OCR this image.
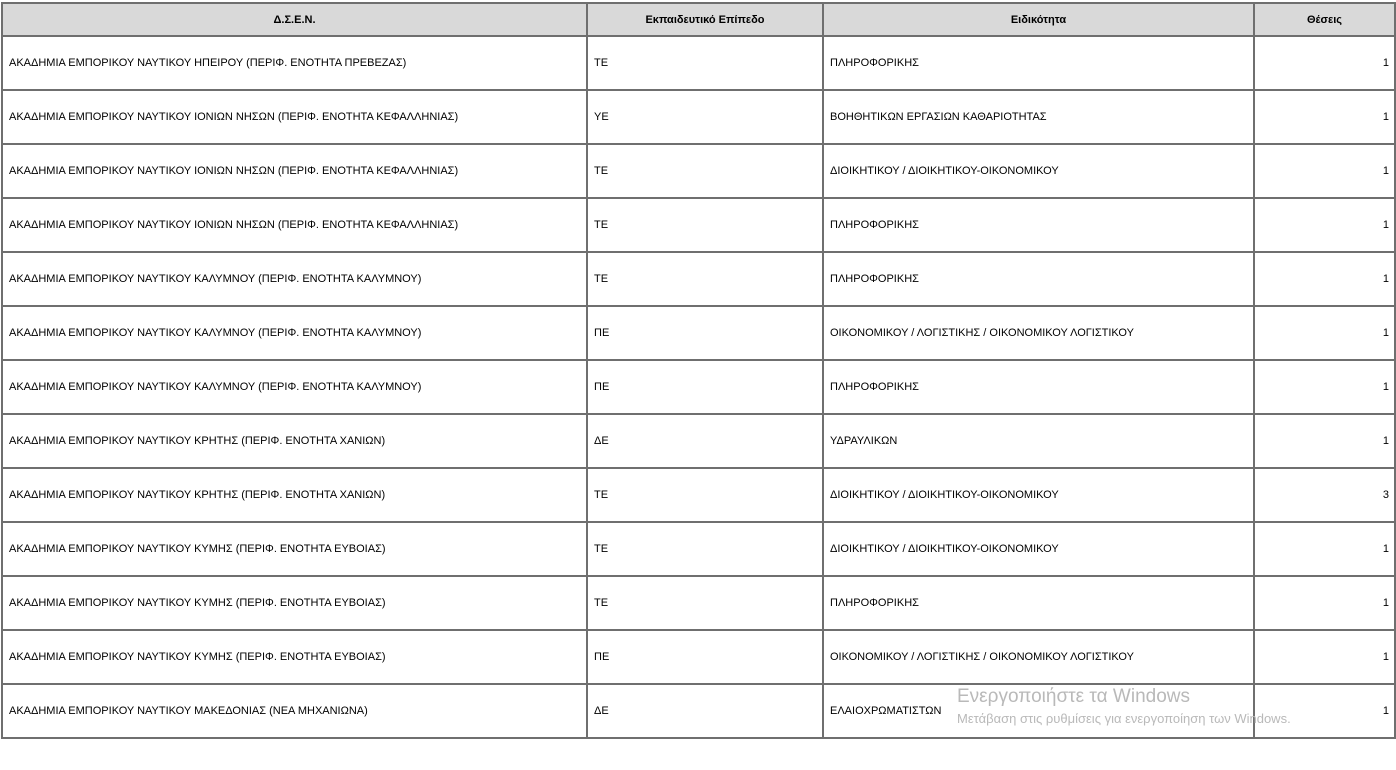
Δ.Σ.Ε.Ν.	Εκπαιδευτικό Επίπεδο	Ειδικότητα	Θέσεις
ΑΚΑΔΗΜΙΑ ΕΜΠΟΡΙΚΟΥ ΝΑΥΤΙΚΟΥ ΗΠΕΙΡΟΥ (ΠΕΡΙΦ. ΕΝΟΤΗΤΑ ΠΡΕΒΕΖΑΣ)	ΤΕ	ΠΛΗΡΟΦΟΡΙΚΗΣ	1
ΑΚΑΔΗΜΙΑ ΕΜΠΟΡΙΚΟΥ ΝΑΥΤΙΚΟΥ ΙΟΝΙΩΝ ΝΗΣΩΝ (ΠΕΡΙΦ. ΕΝΟΤΗΤΑ ΚΕΦΑΛΛΗΝΙΑΣ)	ΥΕ	ΒΟΗΘΗΤΙΚΩΝ ΕΡΓΑΣΙΩΝ ΚΑΘΑΡΙΟΤΗΤΑΣ	1
ΑΚΑΔΗΜΙΑ ΕΜΠΟΡΙΚΟΥ ΝΑΥΤΙΚΟΥ ΙΟΝΙΩΝ ΝΗΣΩΝ (ΠΕΡΙΦ. ΕΝΟΤΗΤΑ ΚΕΦΑΛΛΗΝΙΑΣ)	ΤΕ	ΔΙΟΙΚΗΤΙΚΟΥ / ΔΙΟΙΚΗΤΙΚΟΥ-ΟΙΚΟΝΟΜΙΚΟΥ	1
ΑΚΑΔΗΜΙΑ ΕΜΠΟΡΙΚΟΥ ΝΑΥΤΙΚΟΥ ΙΟΝΙΩΝ ΝΗΣΩΝ (ΠΕΡΙΦ. ΕΝΟΤΗΤΑ ΚΕΦΑΛΛΗΝΙΑΣ)	ΤΕ	ΠΛΗΡΟΦΟΡΙΚΗΣ	1
ΑΚΑΔΗΜΙΑ ΕΜΠΟΡΙΚΟΥ ΝΑΥΤΙΚΟΥ ΚΑΛΥΜΝΟΥ (ΠΕΡΙΦ. ΕΝΟΤΗΤΑ ΚΑΛΥΜΝΟΥ)	ΤΕ	ΠΛΗΡΟΦΟΡΙΚΗΣ	1
ΑΚΑΔΗΜΙΑ ΕΜΠΟΡΙΚΟΥ ΝΑΥΤΙΚΟΥ ΚΑΛΥΜΝΟΥ (ΠΕΡΙΦ. ΕΝΟΤΗΤΑ ΚΑΛΥΜΝΟΥ)	ΠΕ	ΟΙΚΟΝΟΜΙΚΟΥ / ΛΟΓΙΣΤΙΚΗΣ / ΟΙΚΟΝΟΜΙΚΟΥ ΛΟΓΙΣΤΙΚΟΥ	1
ΑΚΑΔΗΜΙΑ ΕΜΠΟΡΙΚΟΥ ΝΑΥΤΙΚΟΥ ΚΑΛΥΜΝΟΥ (ΠΕΡΙΦ. ΕΝΟΤΗΤΑ ΚΑΛΥΜΝΟΥ)	ΠΕ	ΠΛΗΡΟΦΟΡΙΚΗΣ	1
ΑΚΑΔΗΜΙΑ ΕΜΠΟΡΙΚΟΥ ΝΑΥΤΙΚΟΥ ΚΡΗΤΗΣ (ΠΕΡΙΦ. ΕΝΟΤΗΤΑ ΧΑΝΙΩΝ)	ΔΕ	ΥΔΡΑΥΛΙΚΩΝ	1
ΑΚΑΔΗΜΙΑ ΕΜΠΟΡΙΚΟΥ ΝΑΥΤΙΚΟΥ ΚΡΗΤΗΣ (ΠΕΡΙΦ. ΕΝΟΤΗΤΑ ΧΑΝΙΩΝ)	ΤΕ	ΔΙΟΙΚΗΤΙΚΟΥ / ΔΙΟΙΚΗΤΙΚΟΥ-ΟΙΚΟΝΟΜΙΚΟΥ	3
ΑΚΑΔΗΜΙΑ ΕΜΠΟΡΙΚΟΥ ΝΑΥΤΙΚΟΥ ΚΥΜΗΣ (ΠΕΡΙΦ. ΕΝΟΤΗΤΑ ΕΥΒΟΙΑΣ)	ΤΕ	ΔΙΟΙΚΗΤΙΚΟΥ / ΔΙΟΙΚΗΤΙΚΟΥ-ΟΙΚΟΝΟΜΙΚΟΥ	1
ΑΚΑΔΗΜΙΑ ΕΜΠΟΡΙΚΟΥ ΝΑΥΤΙΚΟΥ ΚΥΜΗΣ (ΠΕΡΙΦ. ΕΝΟΤΗΤΑ ΕΥΒΟΙΑΣ)	ΤΕ	ΠΛΗΡΟΦΟΡΙΚΗΣ	1
ΑΚΑΔΗΜΙΑ ΕΜΠΟΡΙΚΟΥ ΝΑΥΤΙΚΟΥ ΚΥΜΗΣ (ΠΕΡΙΦ. ΕΝΟΤΗΤΑ ΕΥΒΟΙΑΣ)	ΠΕ	ΟΙΚΟΝΟΜΙΚΟΥ / ΛΟΓΙΣΤΙΚΗΣ / ΟΙΚΟΝΟΜΙΚΟΥ ΛΟΓΙΣΤΙΚΟΥ	1
ΑΚΑΔΗΜΙΑ ΕΜΠΟΡΙΚΟΥ ΝΑΥΤΙΚΟΥ ΜΑΚΕΔΟΝΙΑΣ (ΝΕΑ ΜΗΧΑΝΙΩΝΑ)	ΔΕ	ΕΛΑΙΟΧΡΩΜΑΤΙΣΤΩΝ	1
Ενεργοποιήστε τα Windows
Μετάβαση στις ρυθμίσεις για ενεργοποίηση των Windows.
